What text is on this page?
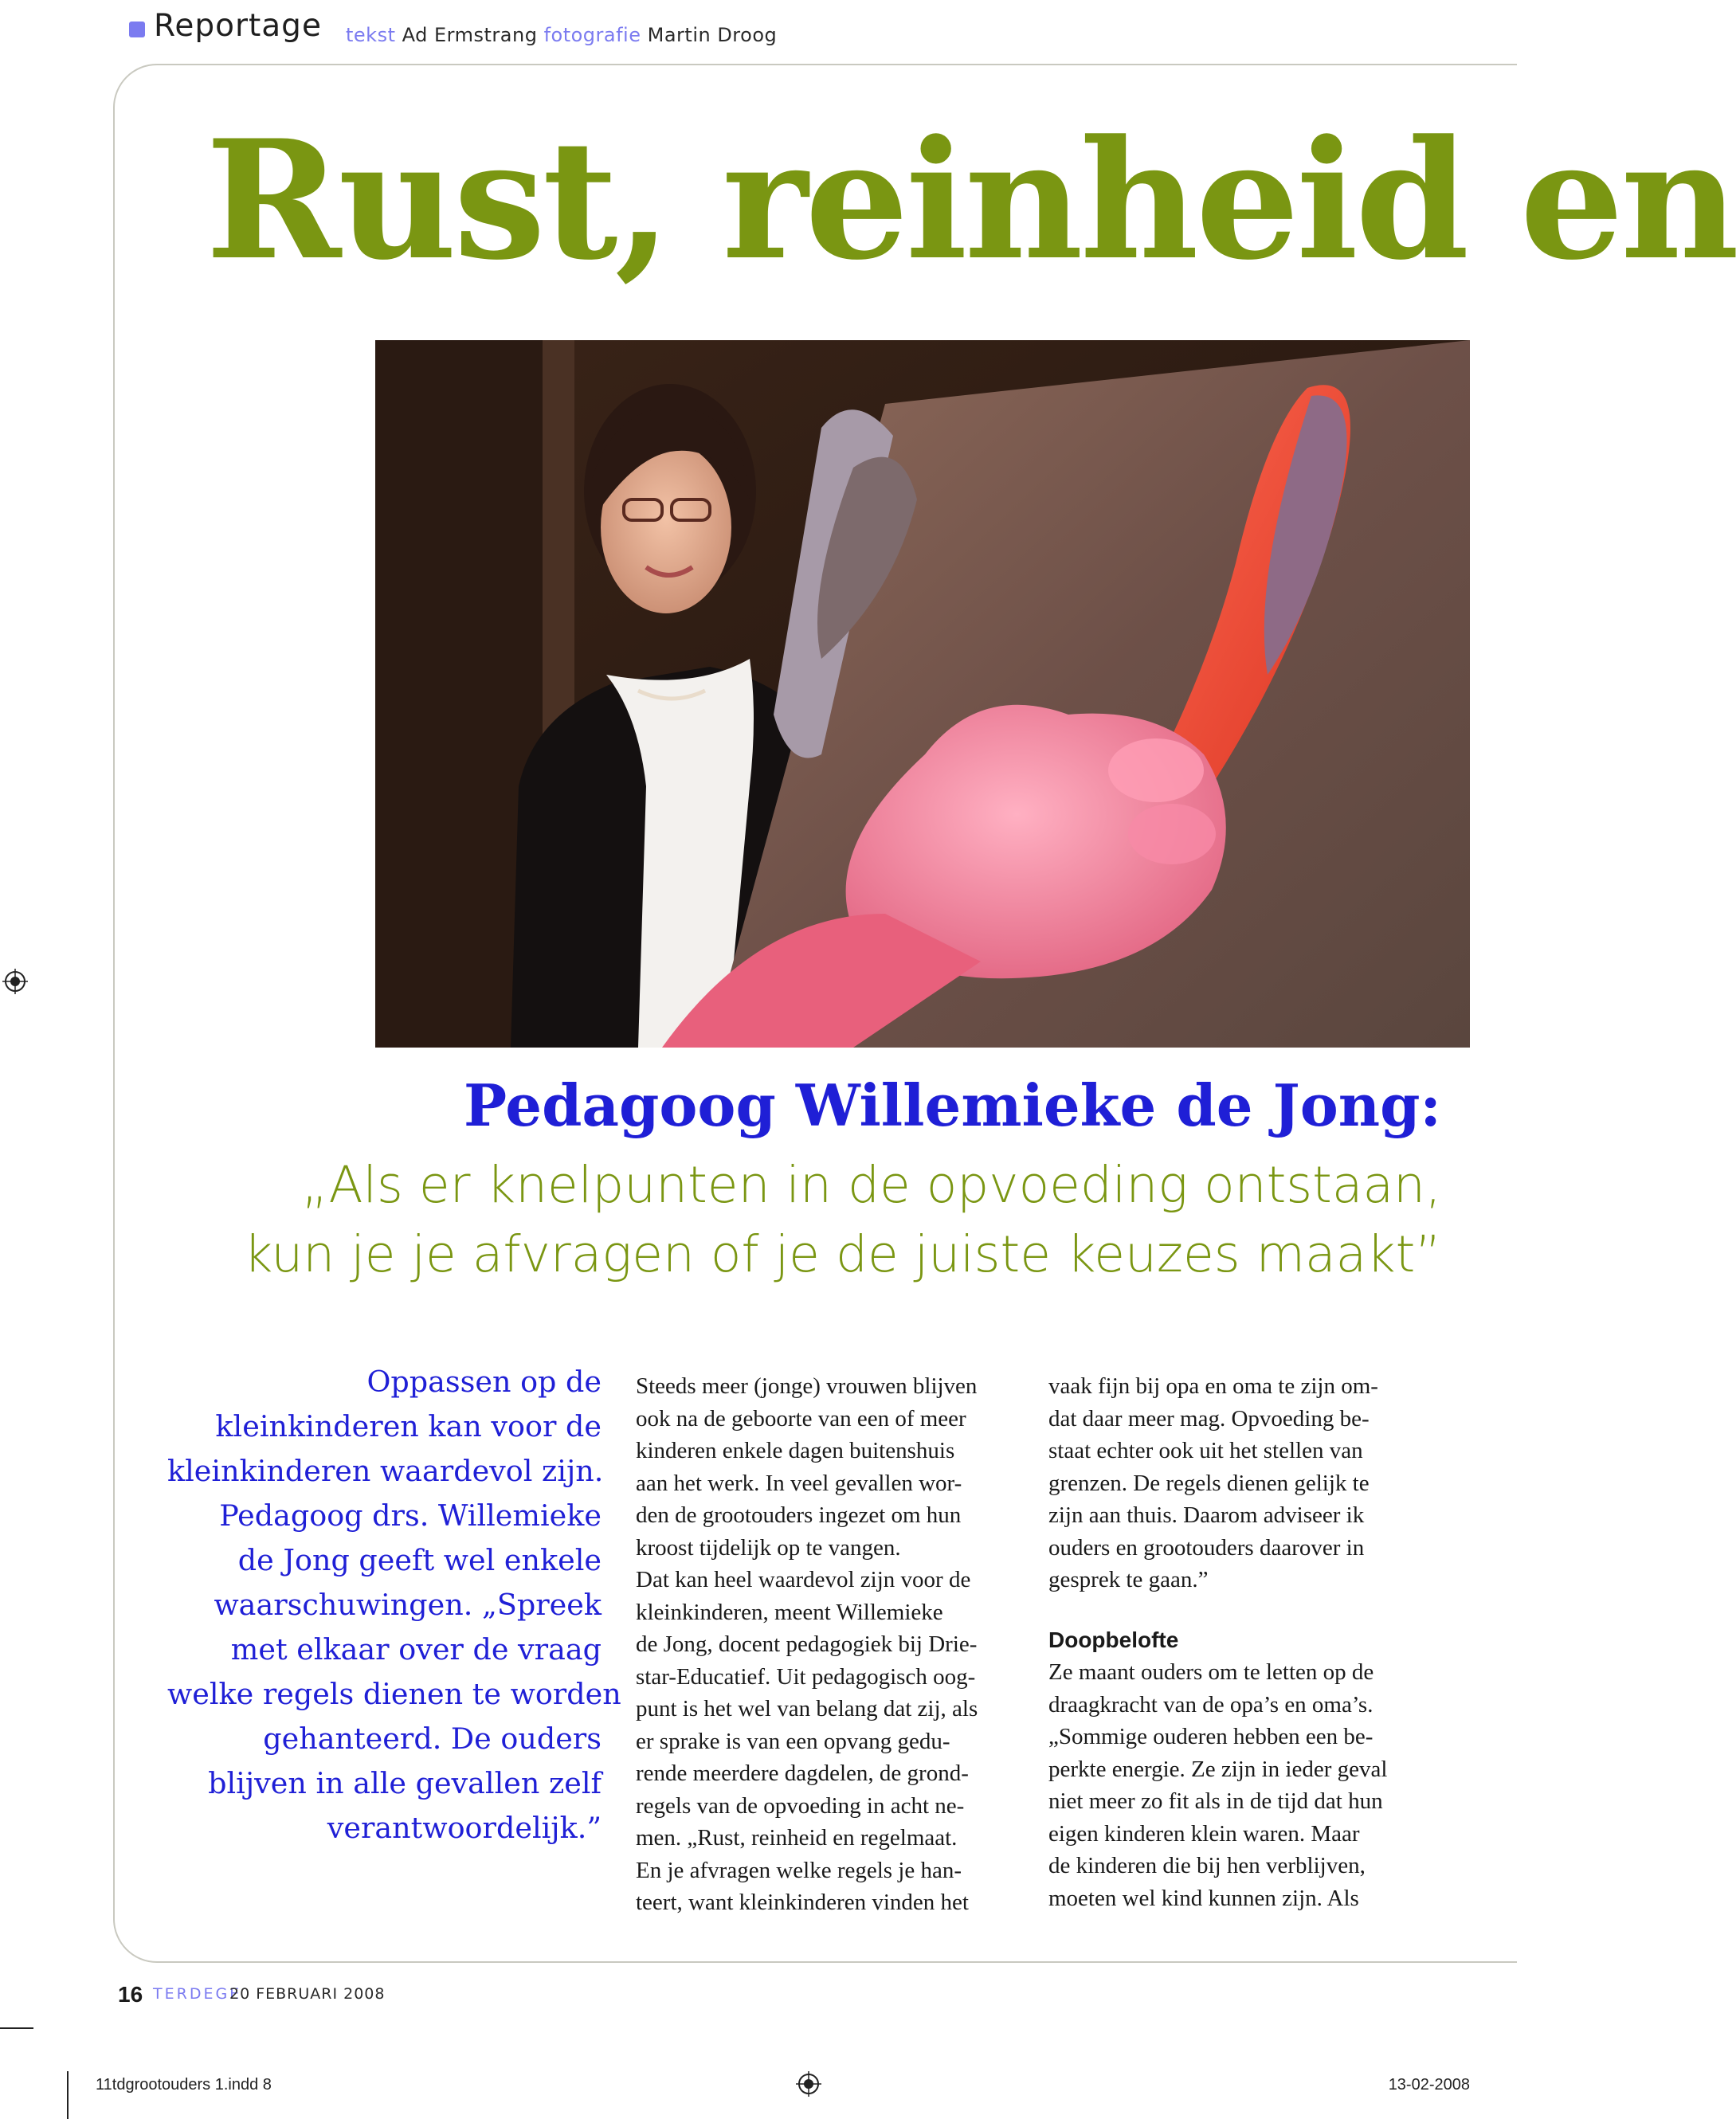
Reportage tekst Ad Ermstrang fotografie Martin Droog
Rust, reinheid en
Pedagoog Willemieke de Jong:
„Als er knelpunten in de opvoeding ontstaan,
kun je je afvragen of je de juiste keuzes maakt”
Oppassen op de
kleinkinderen kan voor de
kleinkinderen waardevol zijn.
Pedagoog drs. Willemieke
de Jong geeft wel enkele
waarschuwingen. „Spreek
met elkaar over de vraag
welke regels dienen te worden
gehanteerd. De ouders
blijven in alle gevallen zelf
verantwoordelijk.”
Steeds meer (jonge) vrouwen blijven
ook na de geboorte van een of meer
kinderen enkele dagen buitenshuis
aan het werk. In veel gevallen wor-
den de grootouders ingezet om hun
kroost tijdelijk op te vangen.
Dat kan heel waardevol zijn voor de
kleinkinderen, meent Willemieke
de Jong, docent pedagogiek bij Drie-
star-Educatief. Uit pedagogisch oog-
punt is het wel van belang dat zij, als
er sprake is van een opvang gedu-
rende meerdere dagdelen, de grond-
regels van de opvoeding in acht ne-
men. „Rust, reinheid en regelmaat.
En je afvragen welke regels je han-
teert, want kleinkinderen vinden het
vaak fijn bij opa en oma te zijn om-
dat daar meer mag. Opvoeding be-
staat echter ook uit het stellen van
grenzen. De regels dienen gelijk te
zijn aan thuis. Daarom adviseer ik
ouders en grootouders daarover in
gesprek te gaan.”
Doopbelofte
Ze maant ouders om te letten op de
draagkracht van de opa’s en oma’s.
„Sommige ouderen hebben een be-
perkte energie. Ze zijn in ieder geval
niet meer zo fit als in de tijd dat hun
eigen kinderen klein waren. Maar
de kinderen die bij hen verblijven,
moeten wel kind kunnen zijn. Als
16 TERDEGE
20 FEBRUARI 2008
11tdgrootouders 1.indd 8	13-02-2008
